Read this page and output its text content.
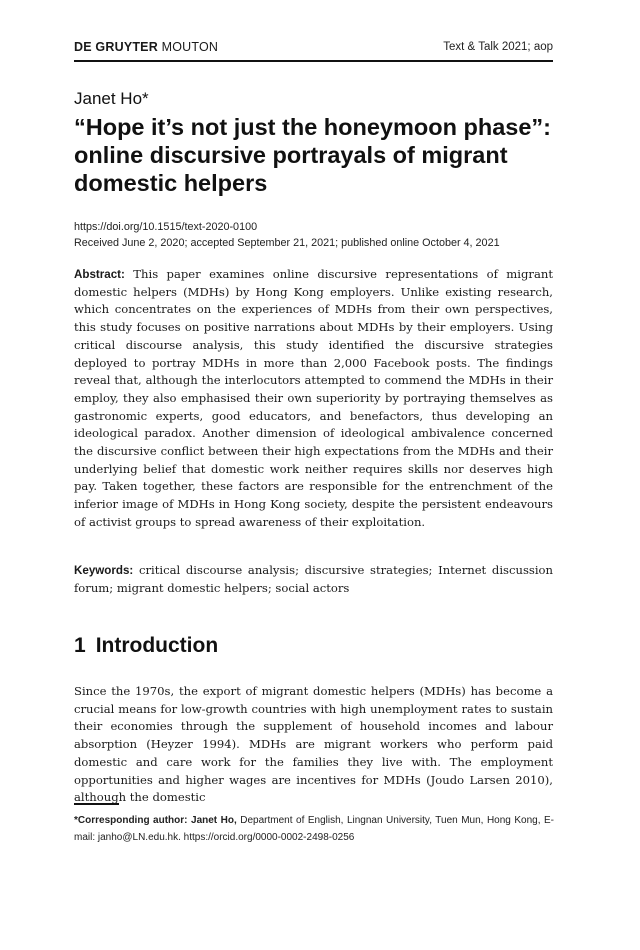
DE GRUYTER MOUTON	Text & Talk 2021; aop
Janet Ho*
“Hope it’s not just the honeymoon phase”: online discursive portrayals of migrant domestic helpers
https://doi.org/10.1515/text-2020-0100
Received June 2, 2020; accepted September 21, 2021; published online October 4, 2021

Abstract: This paper examines online discursive representations of migrant domestic helpers (MDHs) by Hong Kong employers. Unlike existing research, which concentrates on the experiences of MDHs from their own perspectives, this study focuses on positive narrations about MDHs by their employers. Using critical discourse analysis, this study identified the discursive strategies deployed to portray MDHs in more than 2,000 Facebook posts. The findings reveal that, although the interlocutors attempted to commend the MDHs in their employ, they also emphasised their own superiority by portraying themselves as gastronomic experts, good educators, and benefactors, thus developing an ideological paradox. Another dimension of ideological ambivalence concerned the discursive conflict between their high expectations from the MDHs and their underlying belief that domestic work neither requires skills nor deserves high pay. Taken together, these factors are responsible for the entrenchment of the inferior image of MDHs in Hong Kong society, despite the persistent endeavours of activist groups to spread awareness of their exploitation.

Keywords: critical discourse analysis; discursive strategies; Internet discussion forum; migrant domestic helpers; social actors

1 Introduction

Since the 1970s, the export of migrant domestic helpers (MDHs) has become a crucial means for low-growth countries with high unemployment rates to sustain their economies through the supplement of household incomes and labour absorption (Heyzer 1994). MDHs are migrant workers who perform paid domestic and care work for the families they live with. The employment opportunities and higher wages are incentives for MDHs (Joudo Larsen 2010), although the domestic

*Corresponding author: Janet Ho, Department of English, Lingnan University, Tuen Mun, Hong Kong, E-mail: janho@LN.edu.hk. https://orcid.org/0000-0002-2498-0256
